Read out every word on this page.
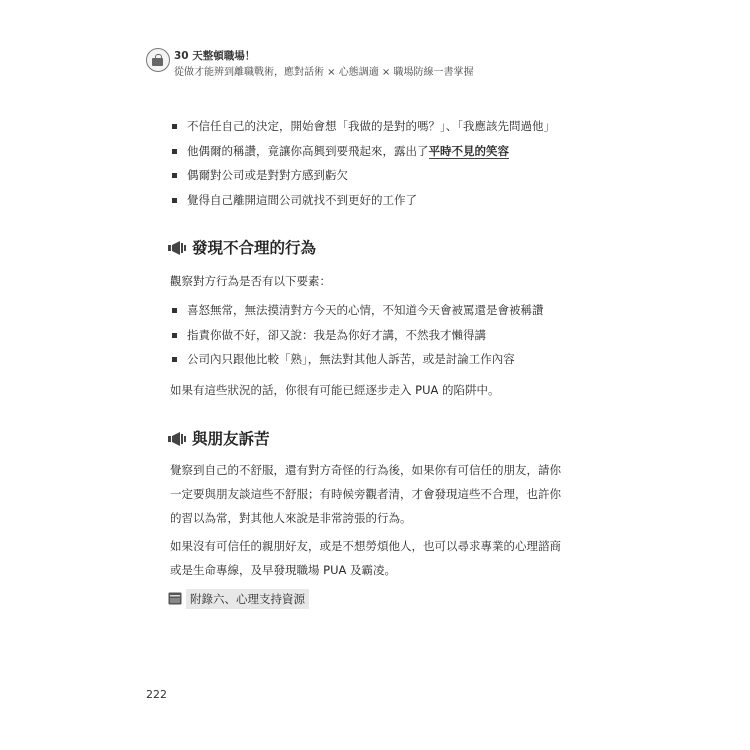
30 天整頓職場！
從做才能辨到離職戰術，應對話術 × 心態調適 × 職場防線一書掌握
不信任自己的決定，開始會想「我做的是對的嗎？」、「我應該先問過他」
他偶爾的稱讚，竟讓你高興到要飛起來，露出了平時不見的笑容
偶爾對公司或是對對方感到虧欠
覺得自己離開這間公司就找不到更好的工作了
發現不合理的行為

觀察對方行為是否有以下要素：

喜怒無常，無法摸清對方今天的心情，不知道今天會被罵還是會被稱讚
指責你做不好，卻又說：我是為你好才講，不然我才懶得講
公司內只跟他比較「熟」，無法對其他人訴苦，或是討論工作內容

如果有這些狀況的話，你很有可能已經逐步走入 PUA 的陷阱中。

與朋友訴苦
覺察到自己的不舒服，還有對方奇怪的行為後，如果你有可信任的朋友，請你
一定要與朋友談這些不舒服；有時候旁觀者清，才會發現這些不合理，也許你
的習以為常，對其他人來說是非常誇張的行為。
如果沒有可信任的親朋好友，或是不想勞煩他人，也可以尋求專業的心理諮商
或是生命專線，及早發現職場 PUA 及霸凌。
附錄六、心理支持資源
222
